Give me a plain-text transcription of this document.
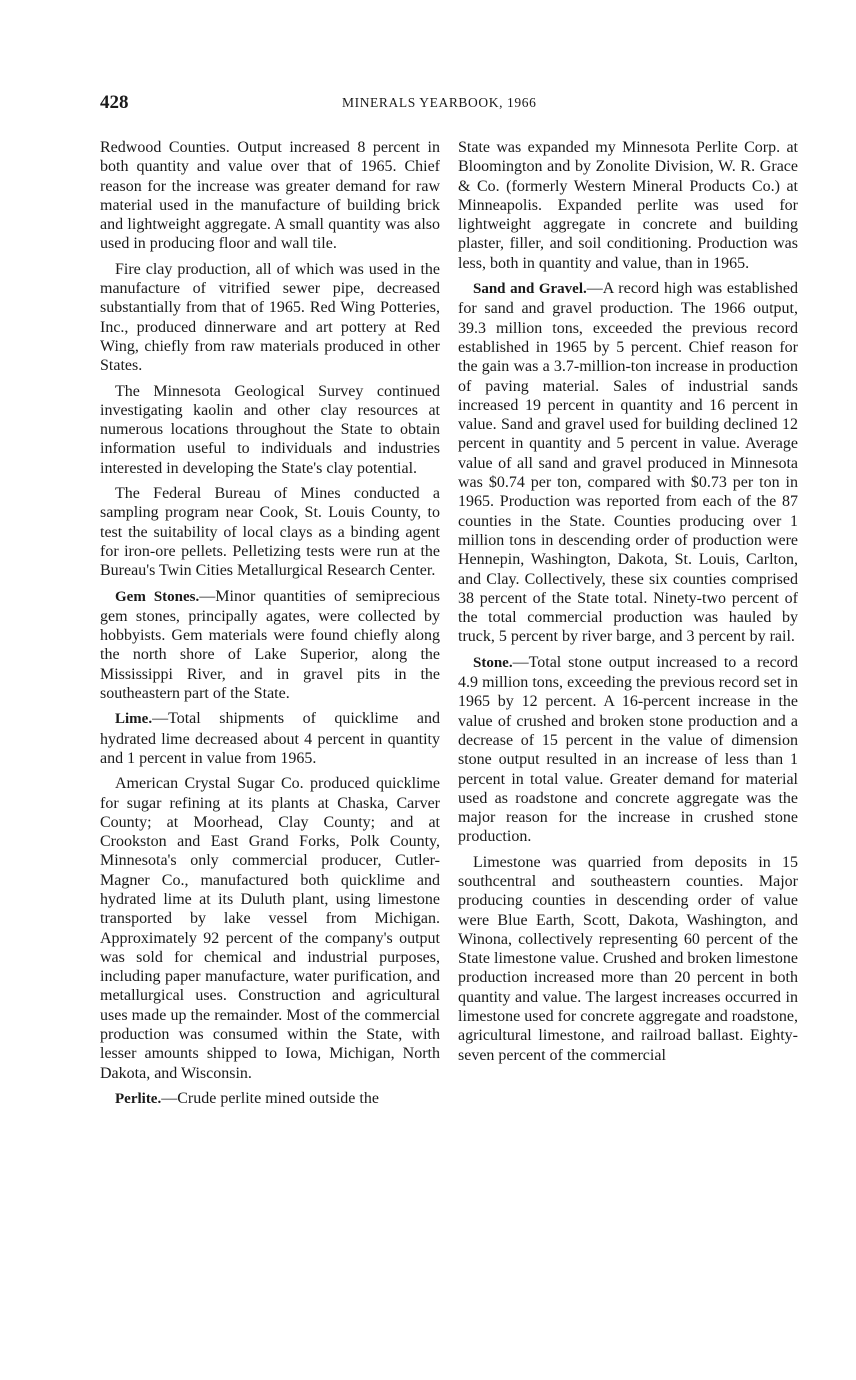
428	MINERALS YEARBOOK, 1966

Redwood Counties. Output increased 8 percent in both quantity and value over that of 1965. Chief reason for the increase was greater demand for raw material used in the manufacture of building brick and lightweight aggregate. A small quantity was also used in producing floor and wall tile.

Fire clay production, all of which was used in the manufacture of vitrified sewer pipe, decreased substantially from that of 1965. Red Wing Potteries, Inc., produced dinnerware and art pottery at Red Wing, chiefly from raw materials produced in other States.

The Minnesota Geological Survey continued investigating kaolin and other clay resources at numerous locations throughout the State to obtain information useful to individuals and industries interested in developing the State's clay potential.

The Federal Bureau of Mines conducted a sampling program near Cook, St. Louis County, to test the suitability of local clays as a binding agent for iron-ore pellets. Pelletizing tests were run at the Bureau's Twin Cities Metallurgical Research Center.

Gem Stones.—Minor quantities of semiprecious gem stones, principally agates, were collected by hobbyists. Gem materials were found chiefly along the north shore of Lake Superior, along the Mississippi River, and in gravel pits in the southeastern part of the State.

Lime.—Total shipments of quicklime and hydrated lime decreased about 4 percent in quantity and 1 percent in value from 1965.

American Crystal Sugar Co. produced quicklime for sugar refining at its plants at Chaska, Carver County; at Moorhead, Clay County; and at Crookston and East Grand Forks, Polk County, Minnesota's only commercial producer, Cutler-Magner Co., manufactured both quicklime and hydrated lime at its Duluth plant, using limestone transported by lake vessel from Michigan. Approximately 92 percent of the company's output was sold for chemical and industrial purposes, including paper manufacture, water purification, and metallurgical uses. Construction and agricultural uses made up the remainder. Most of the commercial production was consumed within the State, with lesser amounts shipped to Iowa, Michigan, North Dakota, and Wisconsin.

Perlite.—Crude perlite mined outside the

State was expanded my Minnesota Perlite Corp. at Bloomington and by Zonolite Division, W. R. Grace & Co. (formerly Western Mineral Products Co.) at Minneapolis. Expanded perlite was used for lightweight aggregate in concrete and building plaster, filler, and soil conditioning. Production was less, both in quantity and value, than in 1965.

Sand and Gravel.—A record high was established for sand and gravel production. The 1966 output, 39.3 million tons, exceeded the previous record established in 1965 by 5 percent. Chief reason for the gain was a 3.7-million-ton increase in production of paving material. Sales of industrial sands increased 19 percent in quantity and 16 percent in value. Sand and gravel used for building declined 12 percent in quantity and 5 percent in value. Average value of all sand and gravel produced in Minnesota was $0.74 per ton, compared with $0.73 per ton in 1965. Production was reported from each of the 87 counties in the State. Counties producing over 1 million tons in descending order of production were Hennepin, Washington, Dakota, St. Louis, Carlton, and Clay. Collectively, these six counties comprised 38 percent of the State total. Ninety-two percent of the total commercial production was hauled by truck, 5 percent by river barge, and 3 percent by rail.

Stone.—Total stone output increased to a record 4.9 million tons, exceeding the previous record set in 1965 by 12 percent. A 16-percent increase in the value of crushed and broken stone production and a decrease of 15 percent in the value of dimension stone output resulted in an increase of less than 1 percent in total value. Greater demand for material used as roadstone and concrete aggregate was the major reason for the increase in crushed stone production.

Limestone was quarried from deposits in 15 southcentral and southeastern counties. Major producing counties in descending order of value were Blue Earth, Scott, Dakota, Washington, and Winona, collectively representing 60 percent of the State limestone value. Crushed and broken limestone production increased more than 20 percent in both quantity and value. The largest increases occurred in limestone used for concrete aggregate and roadstone, agricultural limestone, and railroad ballast. Eighty-seven percent of the commercial
